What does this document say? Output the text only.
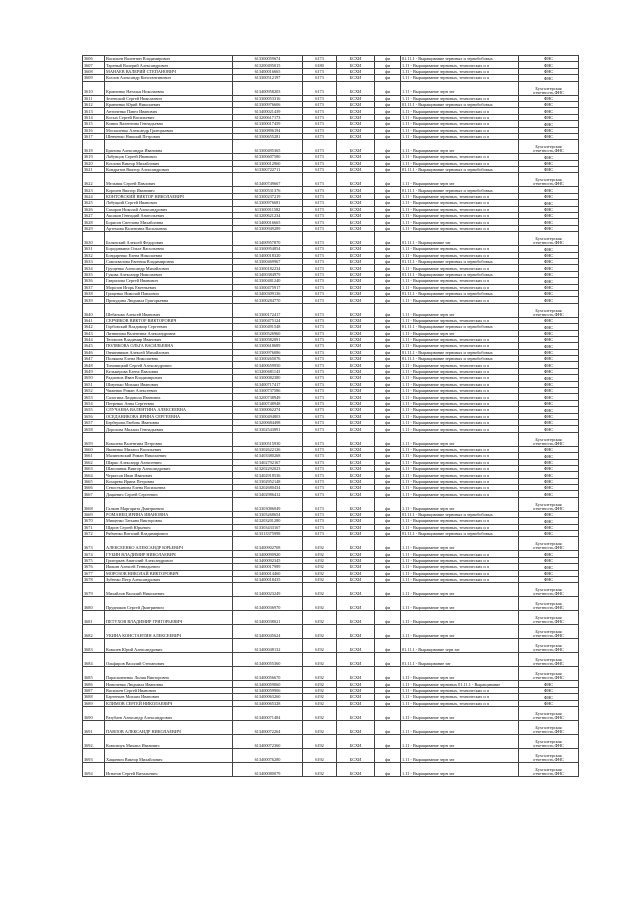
3606	Васильев Валентин Владимирович	613300059674	6173	БСХИ	фи	01.11.1 - Выращивание зерновых и зернобобовых	ФНС
3607	Тареный Валерий Александрович	613200495015	6180	БСХИ	фи	1.11 - Выращивание зерновых, технических и п	ФНС
3608	МАНАЕВ ВАЛЕРИЙ СТЕПАНОВИЧ	613400016665	6173	БСХИ	фи	1.11 - Выращивание зерновых, технических и п	ФНС
3609	Козлов Александр Константинович	613300512197	6173	БСХИ	фи	1.11 - Выращивание зерновых, технических и п	ФНС
3610	Кравченко Наталья Николаевна	613400958203	6173	БСХИ	фи	1.11 - Выращивание зерн зат	Бухгалтерская отчетность,ФНС
3611	Зеленский Сергей Николаевич	613300053316	6173	БСХИ	фи	1.11 - Выращивание зерновых, технических и п	ФНС
3612	Кравченко Юрий Николаевич	613300976606	6173	БСХИ	фи	01.11.1 - Выращивание зерновых и зернобобовых	ФНС
3613	Антоненко Павел Иванович	613400021439	6173	БСХИ	фи	1.11 - Выращивание зерновых, технических и п	ФНС
3614	Косых Сергей Васильевич	613200617173	6173	БСХИ	фи	1.11 - Выращивание зерновых, технических и п	ФНС
3615	Конюх Валентина Геннадьевна	613300017459	6173	БСХИ	фи	1.11 - Выращивание зерновых, технических и п	ФНС
3616	Москаленко Александр Григорьевич	613300896194	6173	БСХИ	фи	1.11 - Выращивание зерновых, технических и п	ФНС
3617	Шевченко Николай Петрович	613300655281	6173	БСХИ	фи	1.11 - Выращивание зерновых, технических и п	ФНС
3618	Брагина Александра Ивановна	613300495365	6173	БСХИ	фи	1.11 - Выращивание зерн зат	Бухгалтерская отчетность,ФНС
3619	Лабунцов Сергей Иванович	613300607580	6173	БСХИ	фи	1.11 - Выращивание зерновых, технических и п	ФНС
3620	Козлова Виктор Михайлович	613300012960	6173	БСХИ	фи	1.11 - Выращивание зерновых, технических и п	ФНС
3621	Кондратов Виктор Александрович	613300722711	6173	БСХИ	фи	01.11.1 - Выращивание зерновых и зернобобовых	ФНС
3622	Мельник Сергей Павлович	613400749667	6173	БСХИ	фи	1.11 - Выращивание зерн зат	Бухгалтерская отчетность,ФНС
3623	Королев Виктор Иванович	613300531376	6173	БСХИ	фи	01.11.1 - Выращивание зерновых и зернобобовых	ФНС
3624	КОНТОВСКИЙ ВИКТОР НИКОЛАЕВИЧ	613300237219	6173	БСХИ	фи	1.11 - Выращивание зерновых, технических и п	ФНС
3625	Лабуцкий Сергей Иванович	613300976681	6173	БСХИ	фи	1.11 - Выращивание зерновых, технических и п	ФНС
3626	Сахаров Николай Александрович	613300011582	6173	БСХИ	фи	1.11 - Выращивание зерновых, технических и п	ФНС
3627	Аксаков Геннадий Анатольевич	613200621234	6173	БСХИ	фи	1.11 - Выращивание зерновых, технических и п	ФНС
3628	Борисов Светлана Михайловна	613400016665	6173	БСХИ	фи	1.11 - Выращивание зерновых, технических и п	ФНС
3629	Артемова Валентина Васильевна	613300949289	6173	БСХИ	фи	1.11 - Выращивание зерновых, технических и п	ФНС
3630	Белянский Алексей Федорович	613400957870	6173	БСХИ	фи	01.11.1 - Выращивание зат	Бухгалтерская отчетность,ФНС
3631	Бородавкина Ольга Васильевна	613300954854	6173	БСХИ	фи	1.11 - Выращивание зерновых, технических и п	ФНС
3632	Бондаренко Елена Николаевна	613400018320	6173	БСХИ	фи	1.11 - Выращивание зерновых, технических и п	ФНС
3633	Самохвалова Евгения Владимировна	613300469967	6173	БСХИ	фи	01.11.1 - Выращивание зерновых и зернобобовых	ФНС
3634	Грущенко Александр Михайлович	613300182234	6173	БСХИ	фи	1.11 - Выращивание зерновых, технических и п	ФНС
3635	Гукова Александр Николаевич	613400384979	6173	БСХИ	фи	01.11.1 - Выращивание зерновых и зернобобовых	ФНС
3636	Гаврилова Сергей Иванович	613300481240	6173	БСХИ	фи	1.11 - Выращивание зерновых, технических и п	ФНС
3637	Морозов Игорь Евгеньевич	613300475917	6173	БСХИ	фи	1.11 - Выращивание зерновых, технических и п	ФНС
3638	Гриценко Николай Павлович	613400309136	6173	БСХИ	фи	01.11.1 - Выращивание зерновых и зернобобовых	ФНС
3639	Прокудина Людмила Григорьевна	613300284770	6173	БСХИ	фи	1.11 - Выращивание зерновых, технических и п	ФНС
3640	Шебанова Алексей Иванович	613300172417	6173	БСХИ	фи	1.11 - Выращивание зерн зат	Бухгалтерская отчетность,ФНС
3641	СЕРЧИКОВ ВИКТОР ВИКТОРОВИЧ	613300475124	6173	БСХИ	фи	1.11 - Выращивание зерновых, технических и п	ФНС
3642	Горбовский Владимир Сергеевич	613300491548	6173	БСХИ	фи	01.11.1 - Выращивание зерновых и зернобобовых	ФНС
3643	Литвинова Валентина Александровна	613300526960	6173	БСХИ	фи	1.11 - Выращивание зерн зат	ФНС
3644	Тюгашев Владимир Иванович	613300582091	6173	БСХИ	фи	1.11 - Выращивание зерновых, технических и п	ФНС
3645	ПОЛЯКОВА ОЛЬГА ВАСИЛЬЕВНА	613300618689	6173	БСХИ	фи	1.11 - Выращивание зерновых, технических и п	ФНС
3646	Овчинников Алексей Михайлович	613300976086	6173	БСХИ	фи	01.11.1 - Выращивание зерновых и зернобобовых	ФНС
3647	Полякова Елена Николаевна	613300265076	6173	БСХИ	фи	01.11.1 - Выращивание зерновых и зернобобовых	ФНС
3648	Тиховицкий Сергей Александрович	613400659950	6173	БСХИ	фи	1.11 - Выращивание зерновых, технических и п	ФНС
3649	Кельмерова Елена Павловна	613200681143	6173	БСХИ	фи	1.11 - Выращивание зерновых, технических и п	ФНС
3650	Радионов Иван Владимирович	613300082380	6173	БСХИ	фи	1.11 - Выращивание зерновых, технических и п	ФНС
3651	Шмунько Михаил Иванович	613400717417	6173	БСХИ	фи	1.11 - Выращивание зерновых, технических и п	ФНС
3652	Чиженко Роман Алексеевич	613300737586	6173	БСХИ	фи	1.11 - Выращивание зерновых, технических и п	ФНС
3653	Салогина Людмила Ивановна	613200738949	6173	БСХИ	фи	1.11 - Выращивание зерновых, технических и п	ФНС
3654	Петренко Анна Сергеевна	613400748948	6173	БСХИ	фи	1.11 - Выращивание зерновых, технических и п	ФНС
3655	СЛУЧАЕВА ВАЛЕНТИНА АЛЕКСЕЕВНА	613300062274	6173	БСХИ	фи	1.11 - Выращивание зерновых, технических и п	ФНС
3656	ОСЕДАНИКОВА ИРИНА СЕРГЕЕВНА	613300494803	6173	БСХИ	фи	1.11 - Выращивание зерновых, технических и п	ФНС
3657	Берберова Любовь Ивановна	613200684498	6173	БСХИ	фи	1.11 - Выращивание зерновых, технических и п	ФНС
3658	Дорохова Михаил Геннадьевич	613302543891	6173	БСХИ	фи	1.11 - Выращивание зерновых, технических и п	ФНС
3659	Ковалева Валентина Петровна	613300515930	6173	БСХИ	фи	1.11 - Выращивание зерн зат	Бухгалтерская отчетность,ФНС
3660	Яковенко Михаил Васильевич	613302622126	6173	БСХИ	фи	1.11 - Выращивание зерновых, технических и п	ФНС
3661	Малиновский Роман Николаевич	613403380268	6173	БСХИ	фи	1.11 - Выращивание зерновых, технических и п	ФНС
3662	Шарко Александр Алексеевич	613402792167	6173	БСХИ	фи	1.11 - Выращивание зерновых, технических и п	ФНС
3663	Шапошник Виктор Александрович	613202292023	6173	БСХИ	фи	1.11 - Выращивание зерновых, технических и п	ФНС
3664	Черкесов Иван Иванович	613402918536	6173	БСХИ	фи	1.11 - Выращивание зерновых, технических и п	ФНС
3665	Кохарева Ирина Петровна	613302952148	6173	БСХИ	фи	1.11 - Выращивание зерновых, технических и п	ФНС
3666	Севостьянова Елена Васильевна	613202680434	6173	БСХИ	фи	1.11 - Выращивание зерновых, технических и п	ФНС
3667	Дацкевич Сергей Сергеевич	613402986412	6173	БСХИ	фи	1.11 - Выращивание зерновых, технических и п	ФНС
3668	Галкин Маргарита Дмитриевна	613303086049	6173	БСХИ	фи	1.11 - Выращивание зерн зат	Бухгалтерская отчетность,ФНС
3669	РОМАНЕЦ ИРИНА ИВАНОВНА	613303268654	6173	БСХИ	фи	01.11.1 - Выращивание зерновых и зернобобовых	ФНС
3670	Мищенко Татьяна Викторовна	613203201280	6173	БСХИ	фи	1.11 - Выращивание зерновых, технических и п	ФНС
3671	Щаров Сергей Юрьевич	613303433167	6173	БСХИ	фи	1.11 - Выращивание зерновых, технических и п	ФНС
3672	Рябченко Виталий Владимирович	613313375998	6173	БСХИ	фи	01.11.1 - Выращивание зерновых и зернобобовых	ФНС
3673	АЛЕКСЕЕНКО АЛЕКСАНДР ЮРЬЕВИЧ	613400902708	6192	БСХИ	фи	1.11 - Выращивание зерн зат	Бухгалтерская отчетность,ФНС
3674	ГУБИН ВЛАДИМИР НИКОЛАЕВИЧ	613400090920	6192	БСХИ	фи	1.11 - Выращивание зерновых, технических и п	ФНС
3675	Григорьев Анатолий Александрович	613400092345	6192	БСХИ	фи	1.11 - Выращивание зерновых, технических и п	ФНС
3676	Ишкин Алексей Геннадьевич	613400017989	6192	БСХИ	фи	1.11 - Выращивание зерновых, технических и п	ФНС
3677	МОРОЗОВ НИКОЛАЙ ВИКТОРОВИЧ	613400014460	6192	БСХИ	фи	1.11 - Выращивание зерновых, технических и п	ФНС
3678	Зубенко Петр Александрович	613400018435	6192	БСХИ	фи	1.11 - Выращивание зерновых, технических и п	ФНС
3679	Михайлов Василий Николаевич	613400023249	6192	БСХИ	фи	1.11 - Выращивание зерн зат	Бухгалтерская отчетность,ФНС
3680	Прудников Сергей Дмитриевич	613400036970	6192	БСХИ	фи	1.11 - Выращивание зерн зат	Бухгалтерская отчетность,ФНС
3681	ПЕТУХОВ ВЛАДИМИР ГРИГОРЬЕВИЧ	613400038021	6192	БСХИ	фи	1.11 - Выращивание зерн зат	Бухгалтерская отчетность,ФНС
3682	УКИНА КОНСТАНТИН АЛЕКСЕЕВИЧ	613400045624	6192	БСХИ	фи	1.11 - Выращивание зерн зат	Бухгалтерская отчетность,ФНС
3683	Ковалев Юрий Александрович	613400048132	6192	БСХИ	фи	01.11.1 - Выращивание зерн зат	Бухгалтерская отчетность,ФНС
3684	Ольфиров Василий Степанович	613400055360	6192	БСХИ	фи	01.11.1 - Выращивание зат	Бухгалтерская отчетность,ФНС
3685	Парасковченко Лилия Викторовна	613400056670	6192	БСХИ	фи	1.11 - Выращивание зерн зат	Бухгалтерская отчетность,ФНС
3686	Новиченко Людмила Ивановна	613400059060	6192	БСХИ	фи	1.11 - Выращивание зерновых 01.11.1 - Выращивание	ФНС
3687	Васильев Сергей Иванович	613400059906	6192	БСХИ	фи	1.11 - Выращивание зерновых, технических и п	ФНС
3688	Бартеньев Михаил Иванович	613400063260	6192	БСХИ	фи	1.11 - Выращивание зерновых, технических и п	ФНС
3689	КЛИМОВ СЕРГЕЙ НИКОЛАЕВИЧ	613400065328	6192	БСХИ	фи	1.11 - Выращивание зерновых, технических и п	ФНС
3690	Разубаев Александр Александрович	613400071484	6192	БСХИ	фи	1.11 - Выращивание зерн зат	Бухгалтерская отчетность,ФНС
3691	ПАВЛОВ АЛЕКСАНДР НИКОЛАЕВИЧ	613400072264	6192	БСХИ	фи	1.11 - Выращивание зерн зат	Бухгалтерская отчетность,ФНС
3692	Ковальчук Михаил Иванович	613400072360	6192	БСХИ	фи	1.11 - Выращивание зерн зат	Бухгалтерская отчетность,ФНС
3693	Хацкевич Виктор Михайлович	613400076280	6192	БСХИ	фи	1.11 - Выращивание зерн зат	Бухгалтерская отчетность,ФНС
3694	Игнатов Сергей Витальевич	613400080079	6192	БСХИ	фи	1.11 - Выращивание зерн зат	Бухгалтерская отчетность,ФНС
